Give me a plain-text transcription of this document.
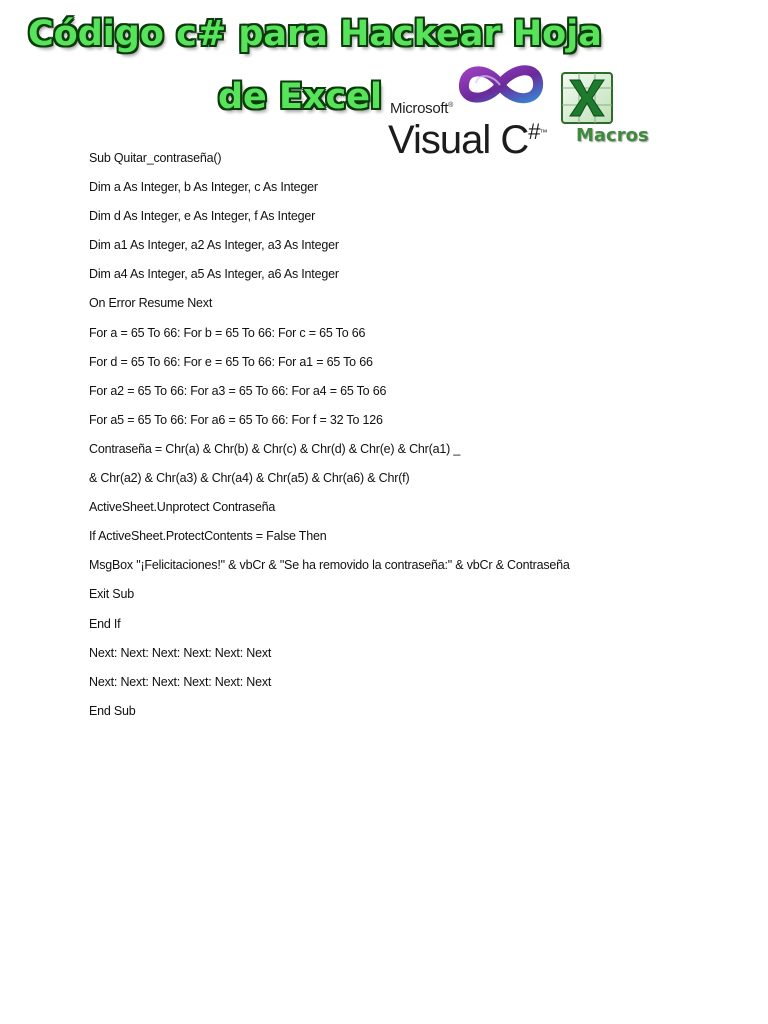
Código c# para Hackear Hoja
de Excel Microsoft®
Visual C#™ Macros
Sub Quitar_contraseña()
Dim a As Integer, b As Integer, c As Integer
Dim d As Integer, e As Integer, f As Integer
Dim a1 As Integer, a2 As Integer, a3 As Integer
Dim a4 As Integer, a5 As Integer, a6 As Integer
On Error Resume Next
For a = 65 To 66: For b = 65 To 66: For c = 65 To 66
For d = 65 To 66: For e = 65 To 66: For a1 = 65 To 66
For a2 = 65 To 66: For a3 = 65 To 66: For a4 = 65 To 66
For a5 = 65 To 66: For a6 = 65 To 66: For f = 32 To 126
Contraseña = Chr(a) & Chr(b) & Chr(c) & Chr(d) & Chr(e) & Chr(a1) _
& Chr(a2) & Chr(a3) & Chr(a4) & Chr(a5) & Chr(a6) & Chr(f)
ActiveSheet.Unprotect Contraseña
If ActiveSheet.ProtectContents = False Then
MsgBox "¡Felicitaciones!" & vbCr & "Se ha removido la contraseña:" & vbCr & Contraseña
Exit Sub
End If
Next: Next: Next: Next: Next: Next
Next: Next: Next: Next: Next: Next
End Sub
